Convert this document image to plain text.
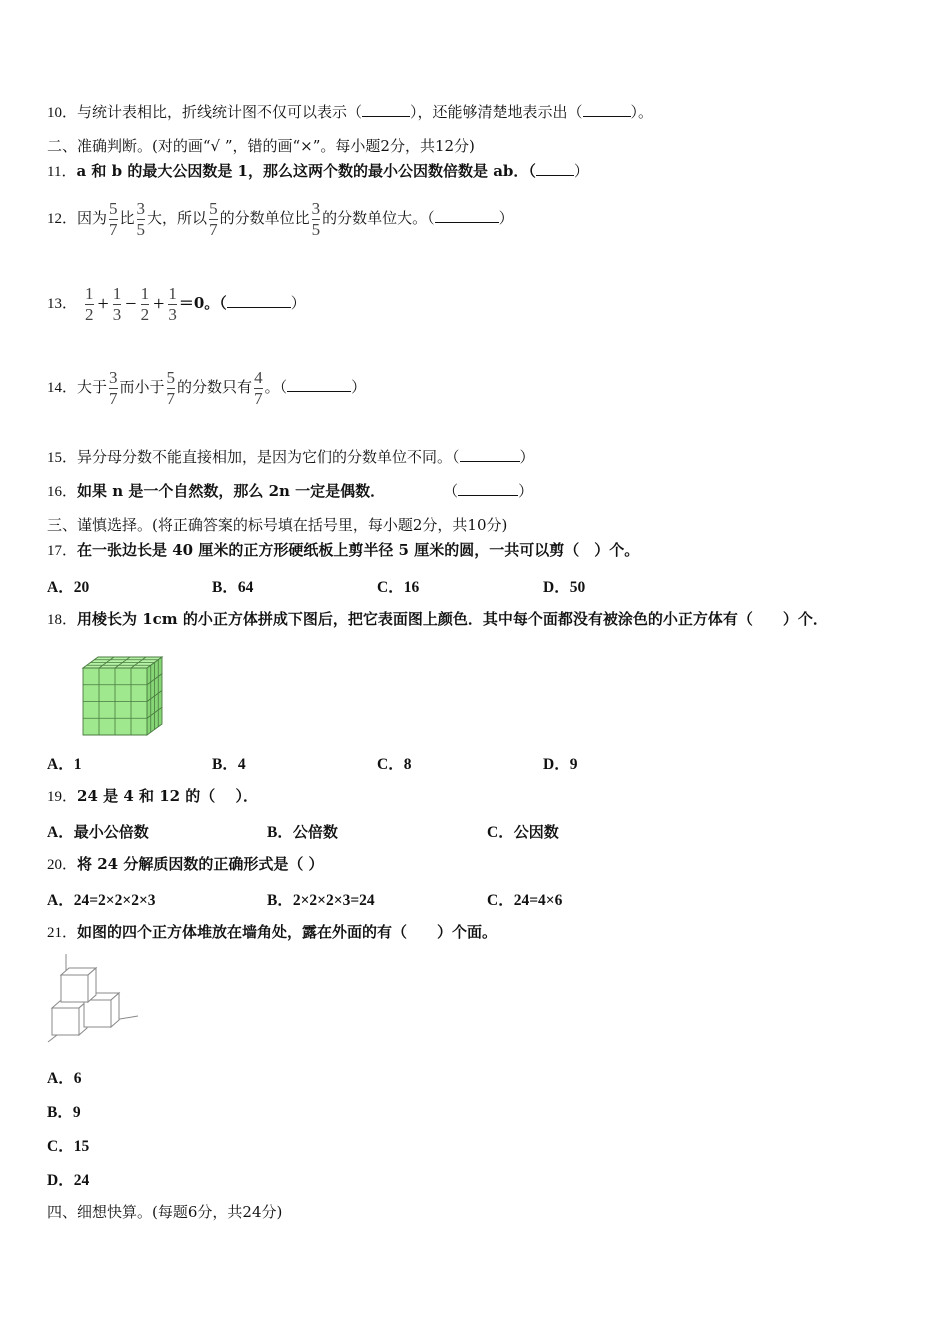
10．与统计表相比，折线统计图不仅可以表示（	），还能够清楚地表示出（	）。
二、准确判断。(对的画“√ ”，错的画“×”。每小题2分，共12分)
11．a 和 b 的最大公因数是 1，那么这两个数的最小公因数倍数是 ab．（	）
12．因为 $\frac{5}{7}$ 比 $\frac{3}{5}$ 大，所以 $\frac{5}{7}$ 的分数单位比 $\frac{3}{5}$ 的分数单位大。（	）
13． $\frac{1}{2} + \frac{1}{3} - \frac{1}{2} + \frac{1}{3} =0$。（	）
14．大于 $\frac{3}{7}$ 而小于 $\frac{5}{7}$ 的分数只有 $\frac{4}{7}$ 。（	）
15．异分母分数不能直接相加，是因为它们的分数单位不同。（	）
16．如果 n 是一个自然数，那么 2n 一定是偶数．	（	）
三、谨慎选择。(将正确答案的标号填在括号里，每小题2分，共10分)
17．在一张边长是 40 厘米的正方形硬纸板上剪半径 5 厘米的圆，一共可以剪（　）个。
A．20	B．64	C．16	D．50
18．用棱长为 1cm 的小正方体拼成下图后，把它表面图上颜色．其中每个面都没有被涂色的小正方体有（　　）个．
A．1	B．4	C．8	D．9
19．24 是 4 和 12 的（　 ）．
A．最小公倍数	B．公倍数	C．公因数
20．将 24 分解质因数的正确形式是（ ）
A．24=2×2×2×3	B．2×2×2×3=24	C．24=4×6
21．如图的四个正方体堆放在墙角处，露在外面的有（　　）个面。
A．6
B．9
C．15
D．24
四、细想快算。(每题6分，共24分)
